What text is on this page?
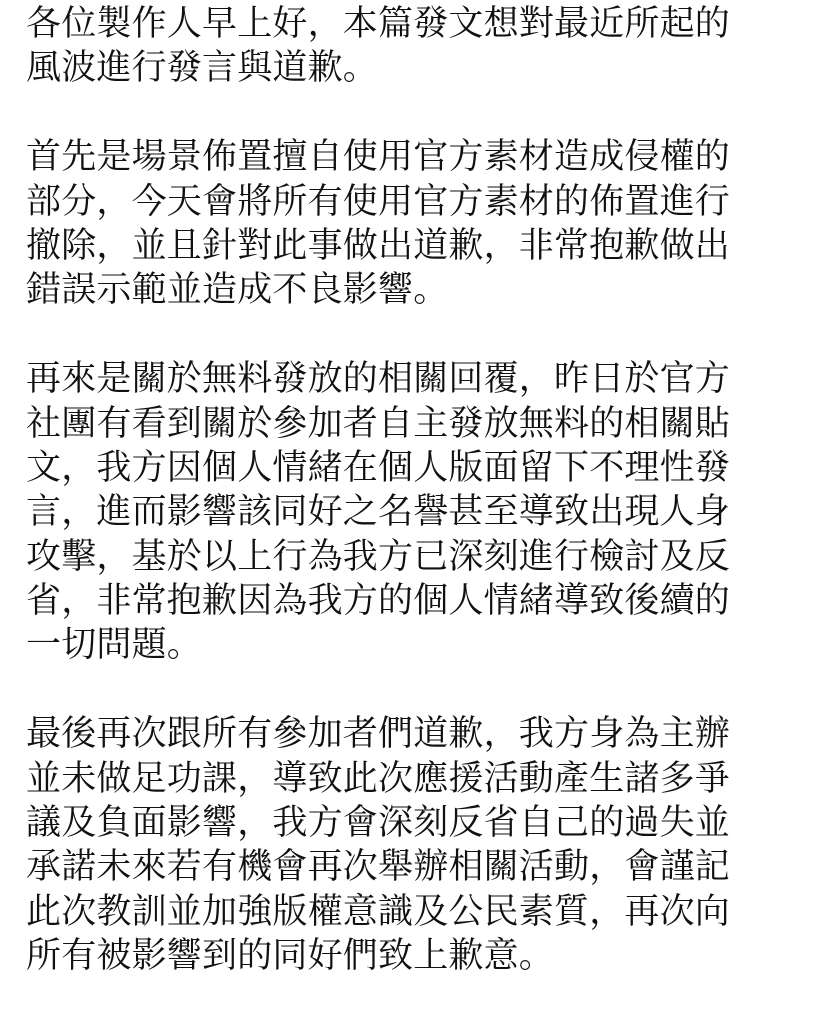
各位製作人早上好，本篇發文想對最近所起的
風波進行發言與道歉。
首先是場景佈置擅自使用官方素材造成侵權的
部分，今天會將所有使用官方素材的佈置進行
撤除，並且針對此事做出道歉，非常抱歉做出
錯誤示範並造成不良影響。
再來是關於無料發放的相關回覆，昨日於官方
社團有看到關於參加者自主發放無料的相關貼
文，我方因個人情緒在個人版面留下不理性發
言，進而影響該同好之名譽甚至導致出現人身
攻擊，基於以上行為我方已深刻進行檢討及反
省，非常抱歉因為我方的個人情緒導致後續的
一切問題。
最後再次跟所有參加者們道歉，我方身為主辦
並未做足功課，導致此次應援活動產生諸多爭
議及負面影響，我方會深刻反省自己的過失並
承諾未來若有機會再次舉辦相關活動，會謹記
此次教訓並加強版權意識及公民素質，再次向
所有被影響到的同好們致上歉意。
